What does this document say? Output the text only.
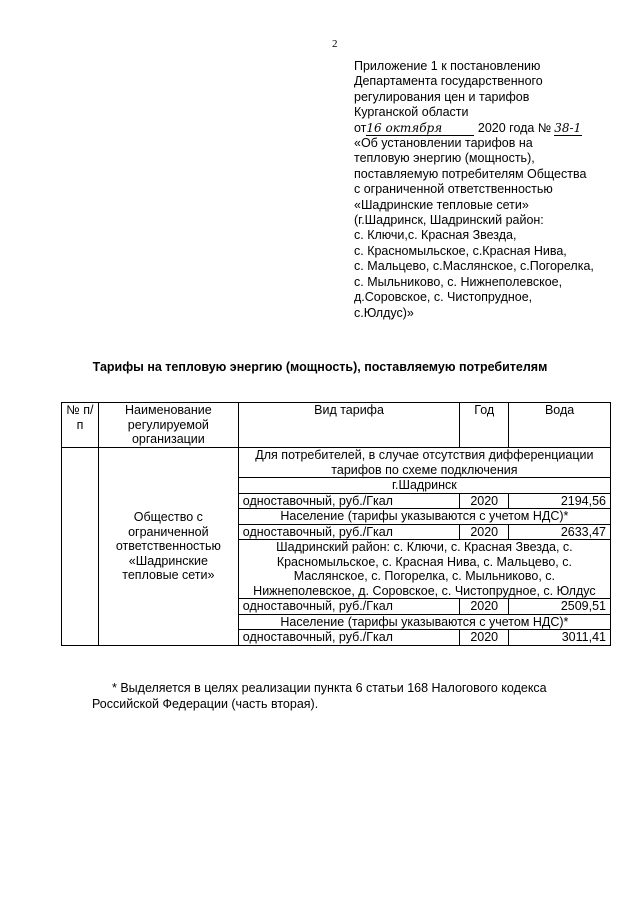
2
Приложение 1 к постановлению
Департамента государственного
регулирования цен и тарифов
Курганской области
от16 октября	2020 года № 38-1
«Об установлении тарифов на
тепловую энергию (мощность),
поставляемую потребителям Общества
с ограниченной ответственностью
«Шадринские тепловые сети»
(г.Шадринск, Шадринский район:
с. Ключи,с. Красная Звезда,
с. Красномыльское, с.Красная Нива,
с. Мальцево, с.Маслянское, с.Погорелка,
с. Мыльниково, с. Нижнеполевское,
д.Соровское, с. Чистопрудное,
с.Юлдус)»
Тарифы на тепловую энергию (мощность), поставляемую потребителям
№ п/п	Наименование регулируемой организации	Вид тарифа	Год	Вода
	Общество с ограниченной ответственностью «Шадринские тепловые сети»	Для потребителей, в случае отсутствия дифференциации тарифов по схеме подключения		
		г.Шадринск		
		одноставочный, руб./Гкал	2020	2194,56
		Население (тарифы указываются с учетом НДС)*		
		одноставочный, руб./Гкал	2020	2633,47
		Шадринский район: с. Ключи, с. Красная Звезда, с. Красномыльское, с. Красная Нива, с. Мальцево, с. Маслянское, с. Погорелка, с. Мыльниково, с. Нижнеполевское, д. Соровское, с. Чистопрудное, с. Юлдус		
		одноставочный, руб./Гкал	2020	2509,51
		Население (тарифы указываются с учетом НДС)*		
		одноставочный, руб./Гкал	2020	3011,41
* Выделяется в целях реализации пункта 6 статьи 168 Налогового кодекса
Российской Федерации (часть вторая).
